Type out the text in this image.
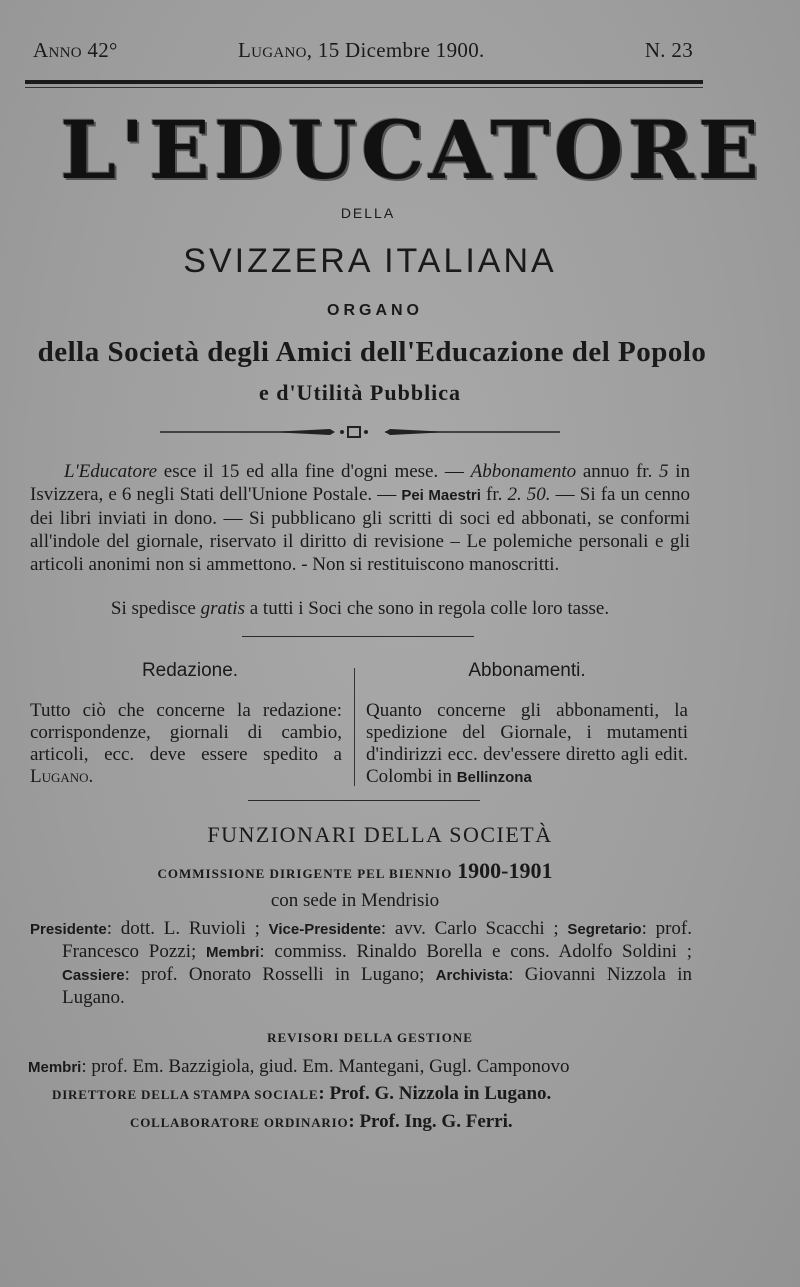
Anno 42°	Lugano, 15 Dicembre 1900.	N. 23
L'EDUCATORE
DELLA
SVIZZERA ITALIANA
ORGANO
della Società degli Amici dell'Educazione del Popolo
e d'Utilità Pubblica
L'Educatore esce il 15 ed alla fine d'ogni mese. — Abbonamento annuo fr. 5 in Isvizzera, e 6 negli Stati dell'Unione Postale. — Pei Maestri fr. 2. 50. — Si fa un cenno dei libri inviati in dono. — Si pubblicano gli scritti di soci ed abbonati, se conformi all'indole del giornale, riservato il diritto di revisione – Le polemiche personali e gli articoli anonimi non si ammettono. - Non si restituiscono manoscritti.
Si spedisce gratis a tutti i Soci che sono in regola colle loro tasse.
Redazione.	Abbonamenti.
Tutto ciò che concerne la redazione: corrispondenze, giornali di cambio, articoli, ecc. deve essere spedito a Lugano.
Quanto concerne gli abbonamenti, la spedizione del Giornale, i mutamenti d'indirizzi ecc. dev'essere diretto agli edit. Colombi in Bellinzona
FUNZIONARI DELLA SOCIETÀ
COMMISSIONE DIRIGENTE PEL BIENNIO 1900-1901
con sede in Mendrisio
Presidente: dott. L. Ruvioli ; Vice-Presidente: avv. Carlo Scacchi ; Segretario: prof. Francesco Pozzi; Membri: commiss. Rinaldo Borella e cons. Adolfo Soldini ; Cassiere: prof. Onorato Rosselli in Lugano; Archivista: Giovanni Nizzola in Lugano.
REVISORI DELLA GESTIONE
Membri: prof. Em. Bazzigiola, giud. Em. Mantegani, Gugl. Camponovo
DIRETTORE DELLA STAMPA SOCIALE: Prof. G. Nizzola in Lugano.
COLLABORATORE ORDINARIO: Prof. Ing. G. Ferri.
